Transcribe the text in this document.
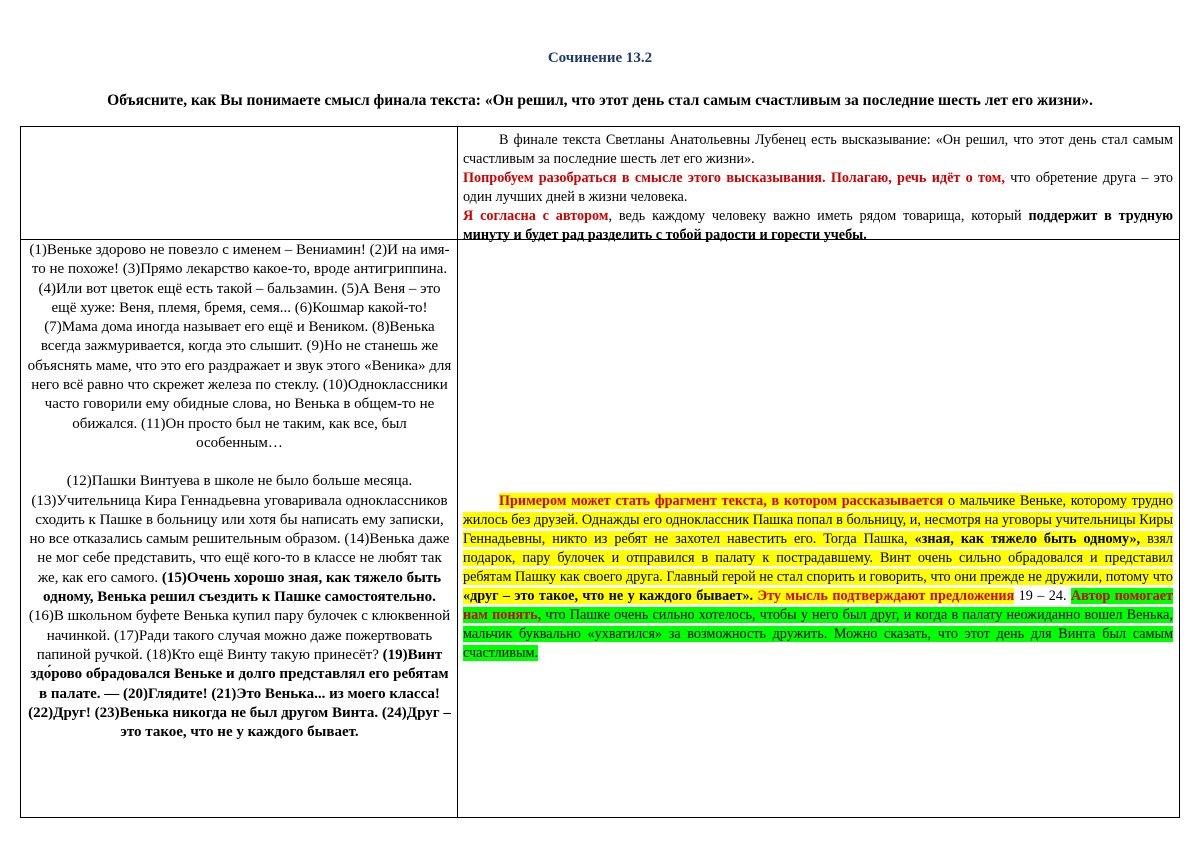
Сочинение 13.2
Объясните, как Вы понимаете смысл финала текста: «Он решил, что этот день стал самым счастливым за последние шесть лет его жизни».

В финале текста Светланы Анатольевны Лубенец есть высказывание: «Он решил, что этот день стал самым счастливым за последние шесть лет его жизни».

Попробуем разобраться в смысле этого высказывания. Полагаю, речь идёт о том, что обретение друга – это один лучших дней в жизни человека.

Я согласна с автором, ведь каждому человеку важно иметь рядом товарища, который поддержит в трудную минуту и будет рад разделить с тобой радости и горести учебы.

(1)Веньке здорово не повезло с именем – Вениамин! (2)И на имя-то не похоже! (3)Прямо лекарство какое-то, вроде антигриппина. (4)Или вот цветок ещё есть такой – бальзамин. (5)А Веня – это ещё хуже: Веня, племя, бремя, семя... (6)Кошмар какой-то! (7)Мама дома иногда называет его ещё и Веником. (8)Венька всегда зажмуривается, когда это слышит. (9)Но не станешь же объяснять маме, что это его раздражает и звук этого «Веника» для него всё равно что скрежет железа по стеклу. (10)Одноклассники часто говорили ему обидные слова, но Венька в общем-то не обижался. (11)Он просто был не таким, как все, был особенным…

(12)Пашки Винтуева в школе не было больше месяца. (13)Учительница Кира Геннадьевна уговаривала одноклассников сходить к Пашке в больницу или хотя бы написать ему записки, но все отказались самым решительным образом. (14)Венька даже не мог себе представить, что ещё кого-то в классе не любят так же, как его самого. (15)Очень хорошо зная, как тяжело быть одному, Венька решил съездить к Пашке самостоятельно. (16)В школьном буфете Венька купил пару булочек с клюквенной начинкой. (17)Ради такого случая можно даже пожертвовать папиной ручкой. (18)Кто ещё Винту такую принесёт? (19)Винт здо́рово обрадовался Веньке и долго представлял его ребятам в палате. — (20)Глядите! (21)Это Венька... из моего класса! (22)Друг! (23)Венька никогда не был другом Винта. (24)Друг – это такое, что не у каждого бывает.

Примером может стать фрагмент текста, в котором рассказывается о мальчике Веньке, которому трудно жилось без друзей. Однажды его одноклассник Пашка попал в больницу, и, несмотря на уговоры учительницы Киры Геннадьевны, никто из ребят не захотел навестить его. Тогда Пашка, «зная, как тяжело быть одному», взял подарок, пару булочек и отправился в палату к пострадавшему. Винт очень сильно обрадовался и представил ребятам Пашку как своего друга. Главный герой не стал спорить и говорить, что они прежде не дружили, потому что «друг – это такое, что не у каждого бывает». Эту мысль подтверждают предложения 19 – 24. Автор помогает нам понять, что Пашке очень сильно хотелось, чтобы у него был друг, и когда в палату неожиданно вошел Венька, мальчик буквально «ухватился» за возможность дружить. Можно сказать, что этот день для Винта был самым счастливым.
